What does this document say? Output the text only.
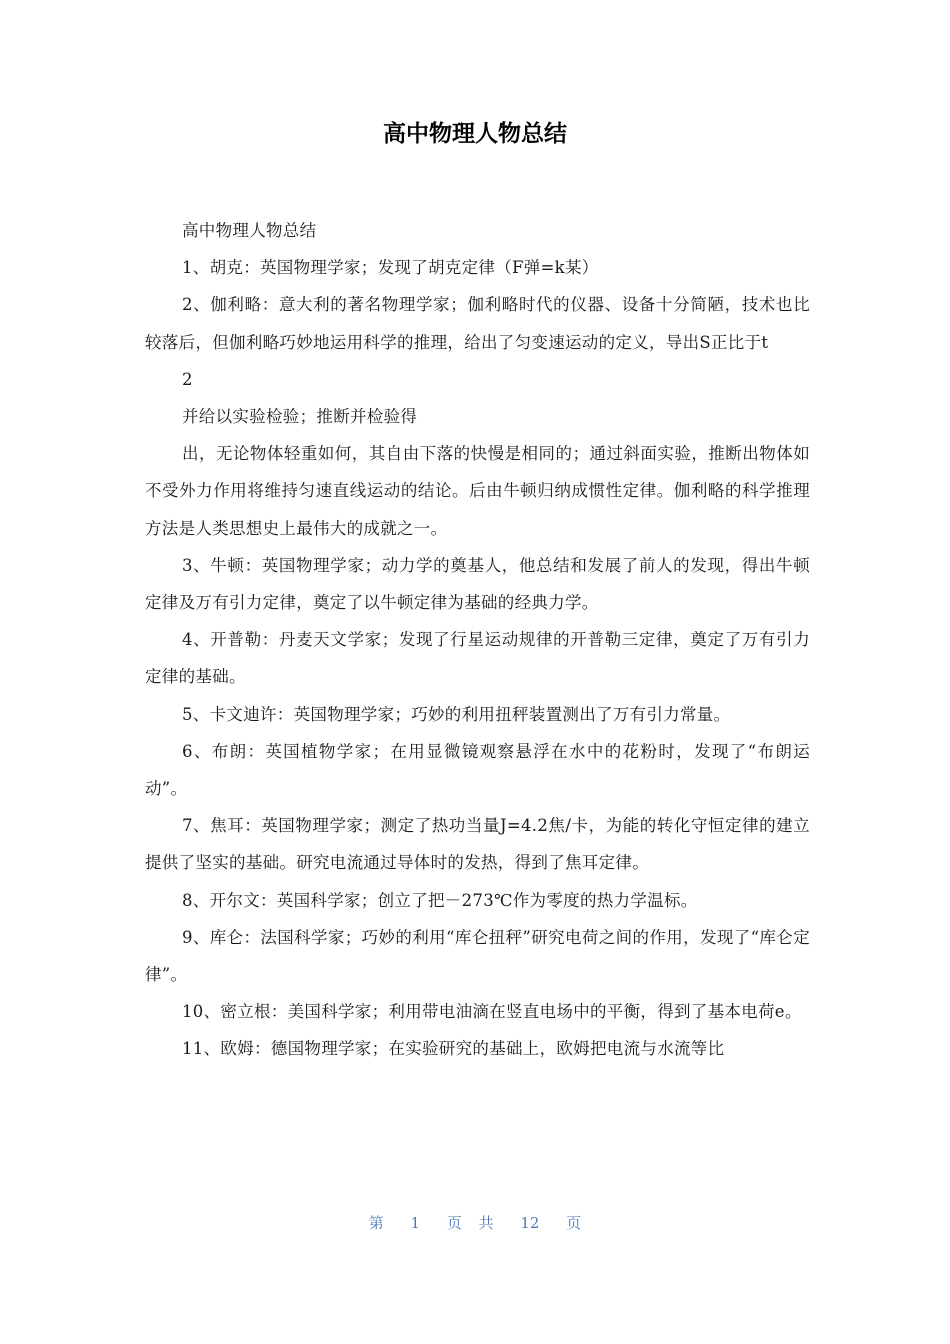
高中物理人物总结

高中物理人物总结

1、胡克：英国物理学家；发现了胡克定律（F弹=k某）

2、伽利略：意大利的著名物理学家；伽利略时代的仪器、设备十分简陋，技术也比较落后，但伽利略巧妙地运用科学的推理，给出了匀变速运动的定义，导出S正比于t

2

并给以实验检验；推断并检验得

出，无论物体轻重如何，其自由下落的快慢是相同的；通过斜面实验，推断出物体如不受外力作用将维持匀速直线运动的结论。后由牛顿归纳成惯性定律。伽利略的科学推理方法是人类思想史上最伟大的成就之一。

3、牛顿：英国物理学家；动力学的奠基人，他总结和发展了前人的发现，得出牛顿定律及万有引力定律，奠定了以牛顿定律为基础的经典力学。

4、开普勒：丹麦天文学家；发现了行星运动规律的开普勒三定律，奠定了万有引力定律的基础。

5、卡文迪许：英国物理学家；巧妙的利用扭秤装置测出了万有引力常量。

6、布朗：英国植物学家；在用显微镜观察悬浮在水中的花粉时，发现了“布朗运动”。

7、焦耳：英国物理学家；测定了热功当量J=4.2焦/卡，为能的转化守恒定律的建立提供了坚实的基础。研究电流通过导体时的发热，得到了焦耳定律。

8、开尔文：英国科学家；创立了把－273℃作为零度的热力学温标。

9、库仑：法国科学家；巧妙的利用“库仑扭秤”研究电荷之间的作用，发现了“库仑定律”。

10、密立根：美国科学家；利用带电油滴在竖直电场中的平衡，得到了基本电荷e。

11、欧姆：德国物理学家；在实验研究的基础上，欧姆把电流与水流等比

第 1 页 共 12 页
